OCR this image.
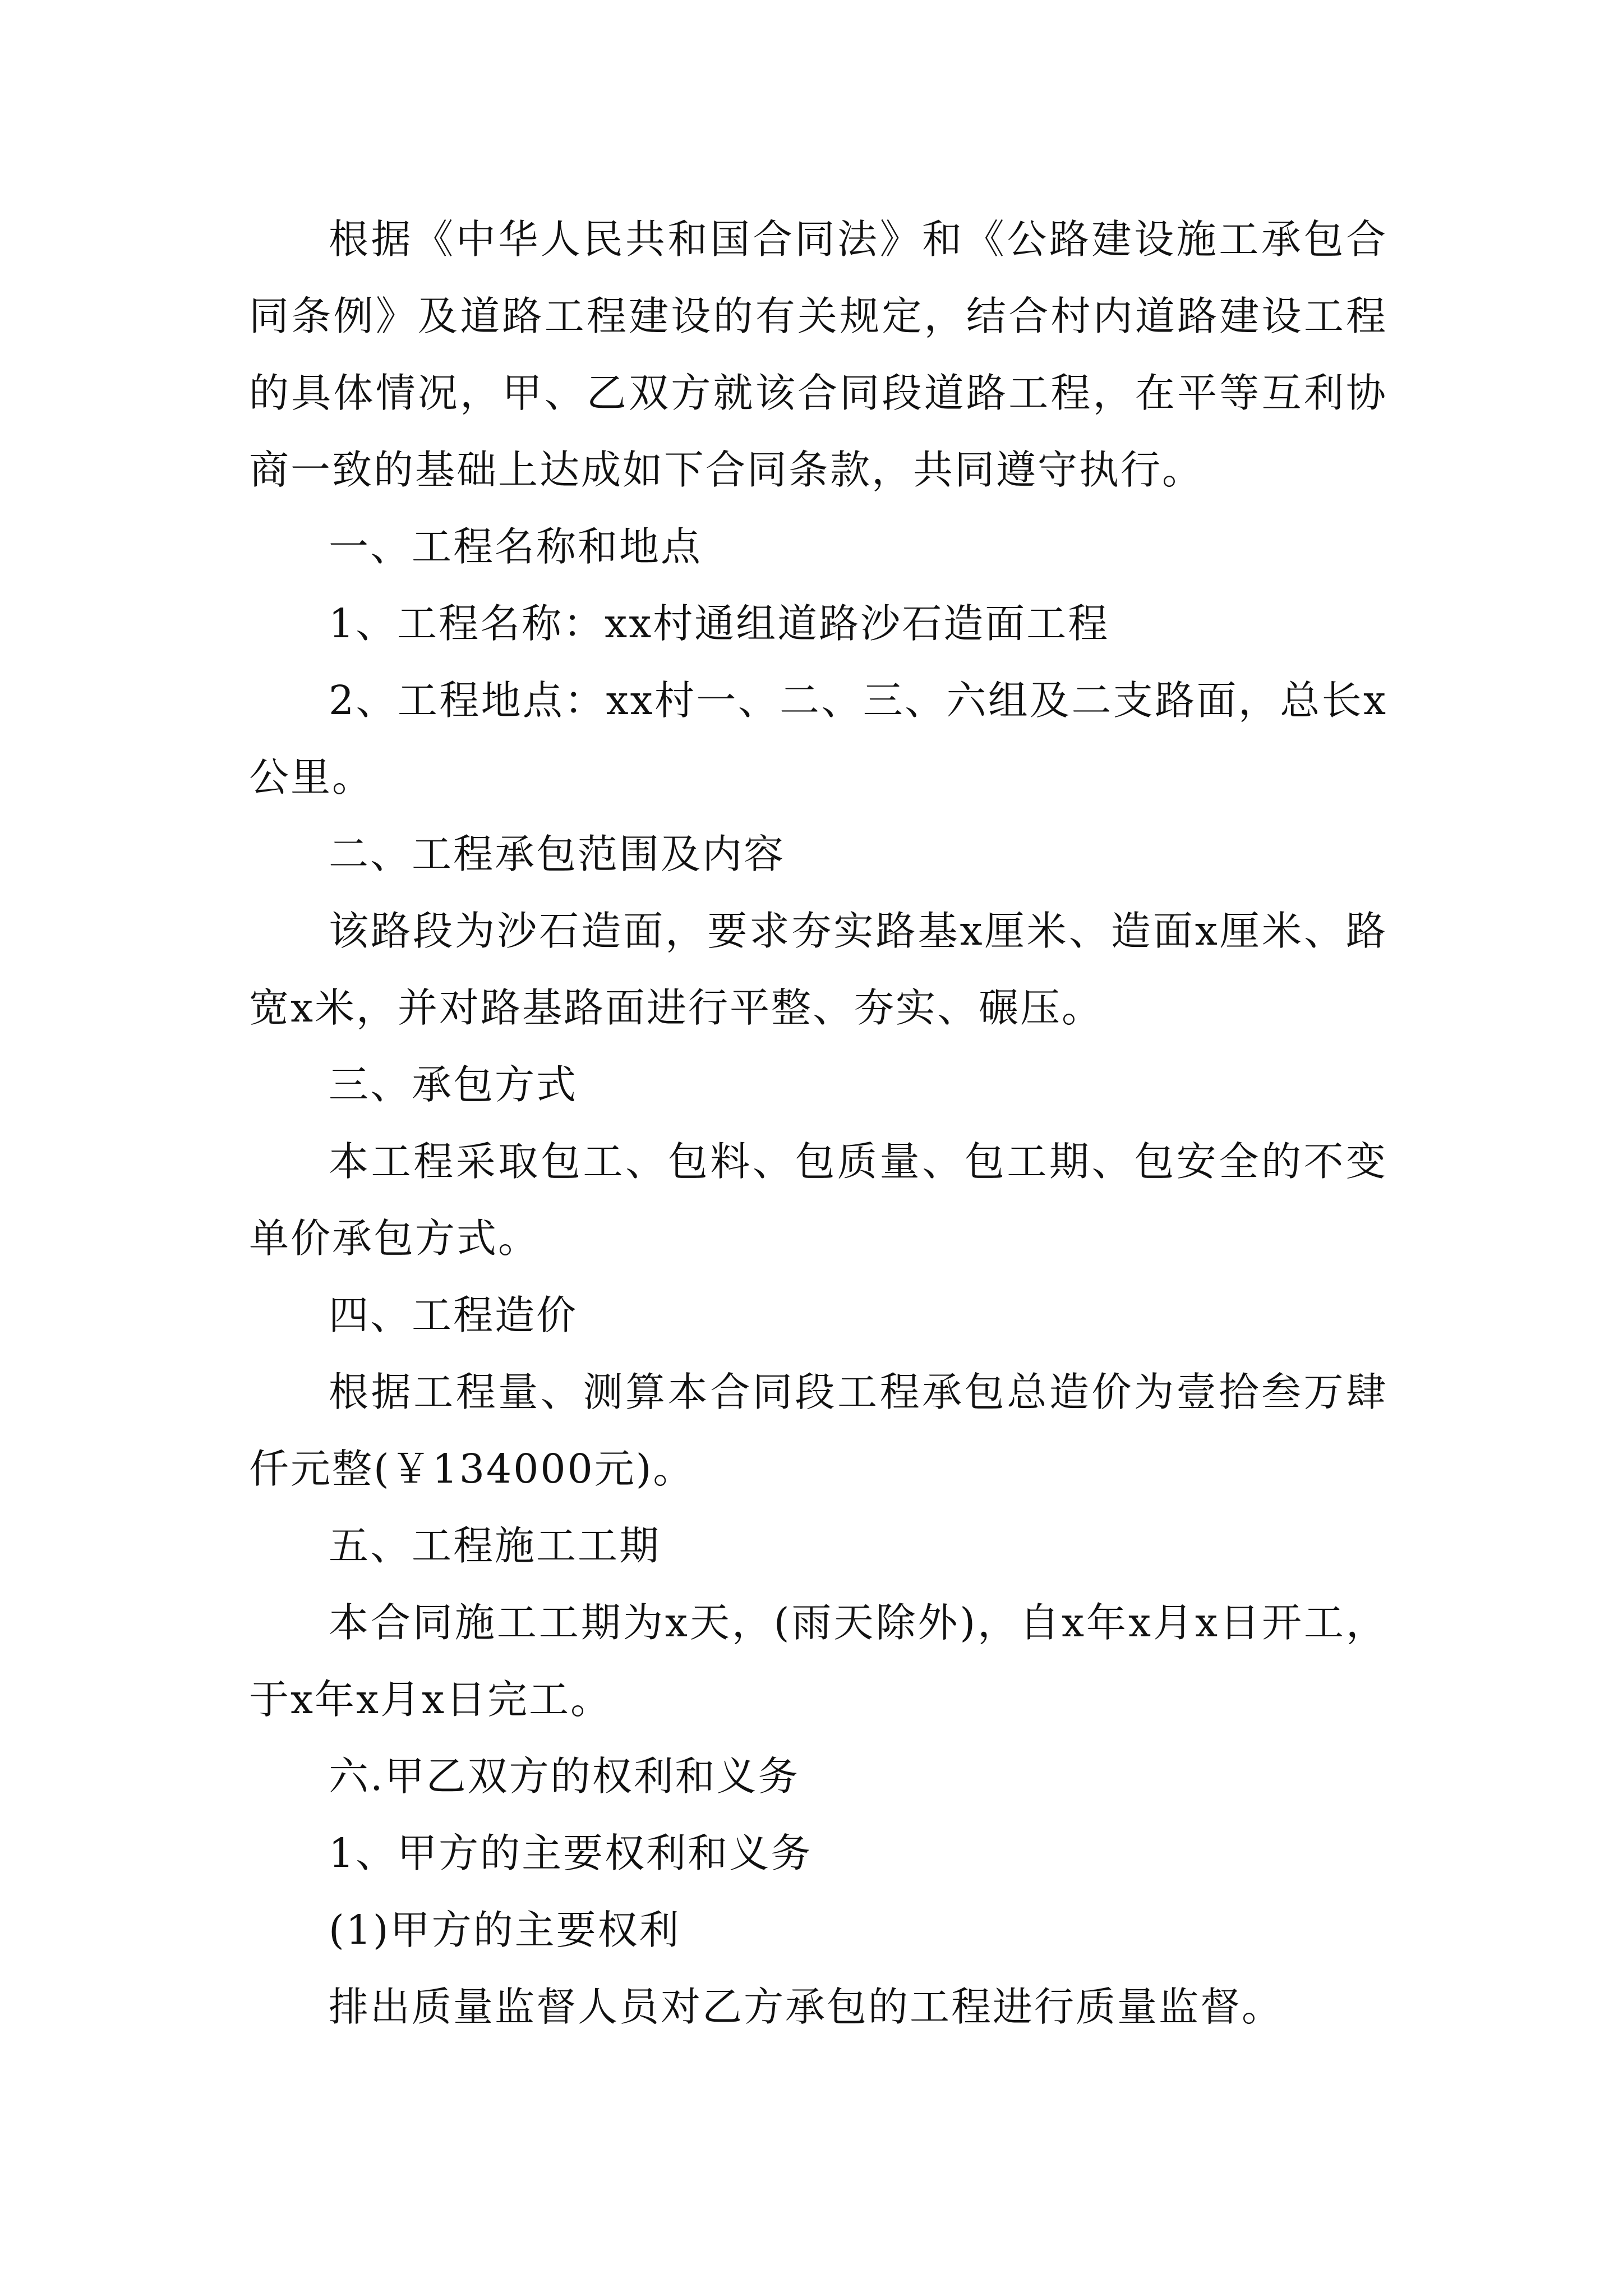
根据《中华人民共和国合同法》和《公路建设施工承包合同条例》及道路工程建设的有关规定，结合村内道路建设工程的具体情况，甲、乙双方就该合同段道路工程，在平等互利协商一致的基础上达成如下合同条款，共同遵守执行。

一、工程名称和地点

1、工程名称：xx村通组道路沙石造面工程

2、工程地点：xx村一、二、三、六组及二支路面，总长x公里。

二、工程承包范围及内容

该路段为沙石造面，要求夯实路基x厘米、造面x厘米、路宽x米，并对路基路面进行平整、夯实、碾压。

三、承包方式

本工程采取包工、包料、包质量、包工期、包安全的不变单价承包方式。

四、工程造价

根据工程量、测算本合同段工程承包总造价为壹拾叁万肆仟元整(￥134000元)。

五、工程施工工期

本合同施工工期为x天，(雨天除外)，自x年x月x日开工，于x年x月x日完工。

六.甲乙双方的权利和义务

1、甲方的主要权利和义务

(1)甲方的主要权利

排出质量监督人员对乙方承包的工程进行质量监督。
